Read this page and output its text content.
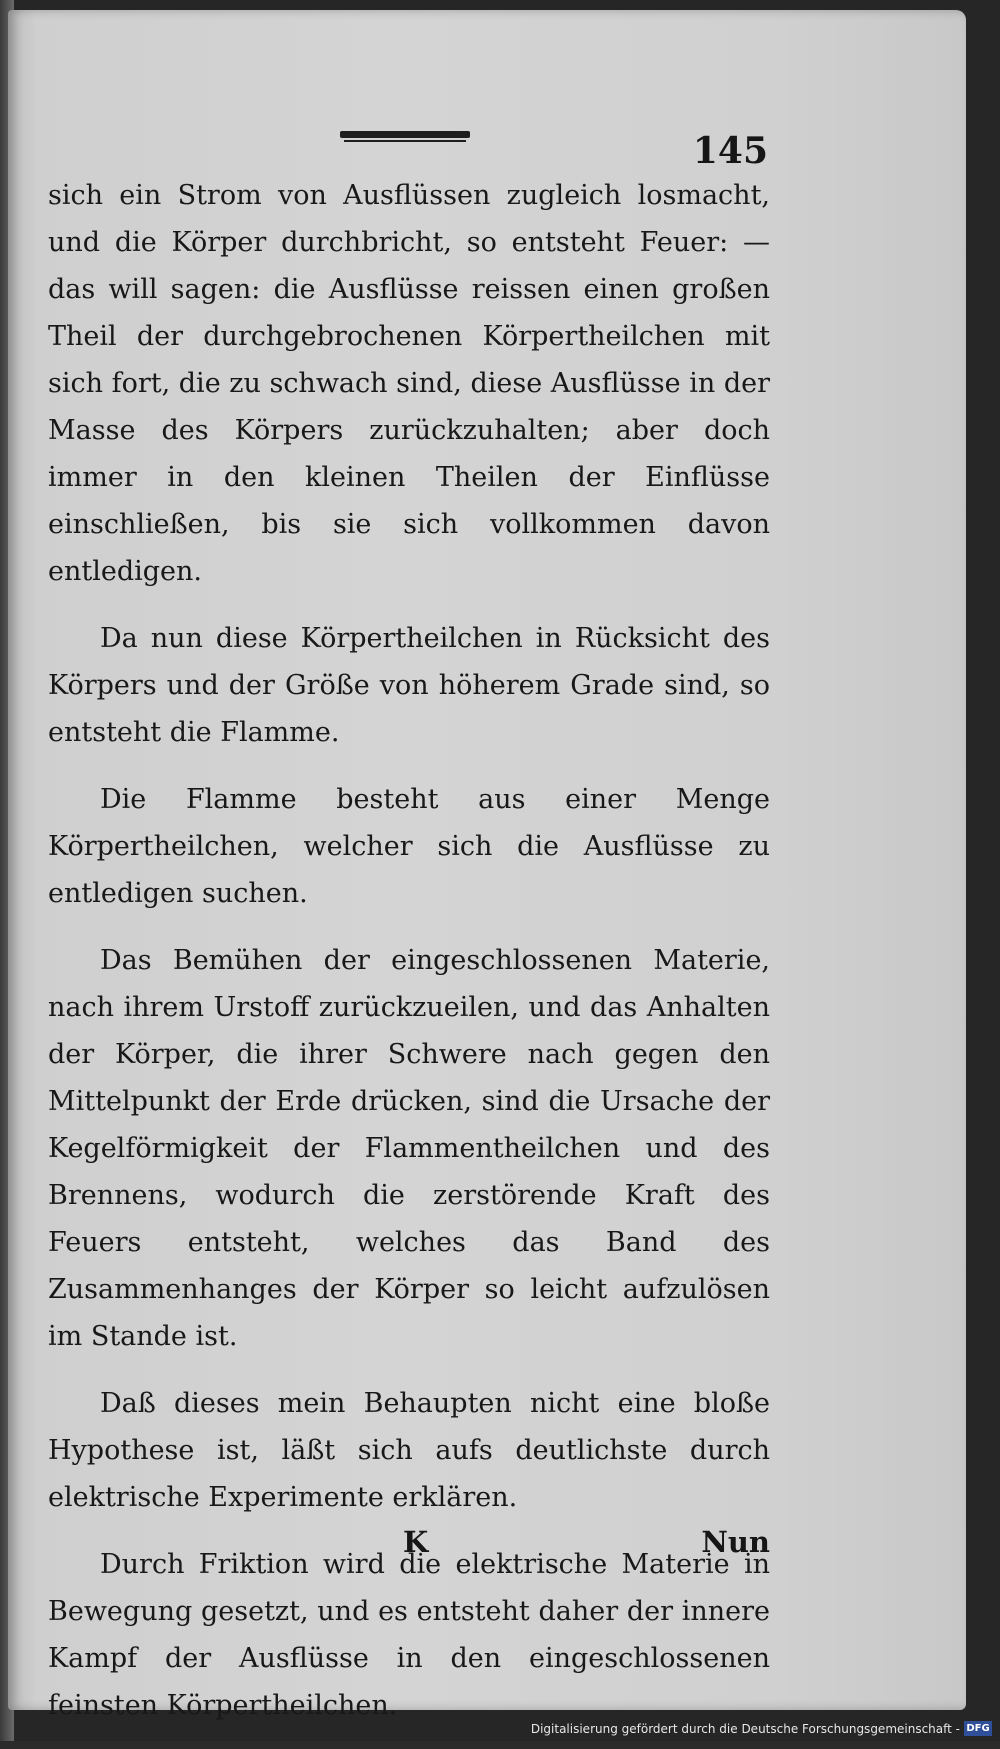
145

sich ein Strom von Ausflüssen zugleich losmacht, und die Körper durchbricht, so entsteht Feuer: — das will sagen: die Ausflüsse reissen einen großen Theil der durchgebrochenen Körpertheilchen mit sich fort, die zu schwach sind, diese Ausflüsse in der Masse des Körpers zurückzuhalten; aber doch immer in den kleinen Theilen der Einflüsse einschließen, bis sie sich vollkommen davon entledigen.

Da nun diese Körpertheilchen in Rücksicht des Körpers und der Größe von höherem Grade sind, so entsteht die Flamme.

Die Flamme besteht aus einer Menge Körpertheilchen, welcher sich die Ausflüsse zu entledigen suchen.

Das Bemühen der eingeschlossenen Materie, nach ihrem Urstoff zurückzueilen, und das Anhalten der Körper, die ihrer Schwere nach gegen den Mittelpunkt der Erde drücken, sind die Ursache der Kegelförmigkeit der Flammentheilchen und des Brennens, wodurch die zerstörende Kraft des Feuers entsteht, welches das Band des Zusammenhanges der Körper so leicht aufzulösen im Stande ist.

Daß dieses mein Behaupten nicht eine bloße Hypothese ist, läßt sich aufs deutlichste durch elektrische Experimente erklären.

Durch Friktion wird die elektrische Materie in Bewegung gesetzt, und es entsteht daher der innere Kampf der Ausflüsse in den eingeschlossenen feinsten Körpertheilchen.

K	Nun
Digitalisierung gefördert durch die Deutsche Forschungsgemeinschaft - DFG
